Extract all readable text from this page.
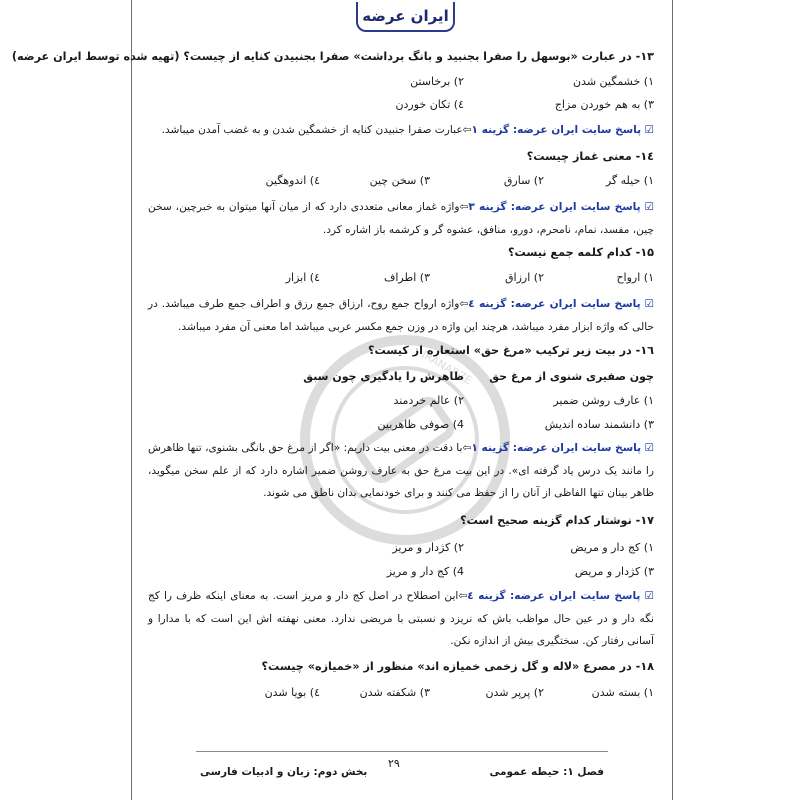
ایران عرضه
IRANARZE
۱۳- در عبارت «بوسهل را صفرا بجنبید و بانگ برداشت» صفرا بجنبیدن کنایه از چیست؟ (تهیه شده توسط ایران عرضه)
۱) خشمگین شدن
۲) برخاستن
۳) به هم خوردن مزاج
٤) تکان خوردن
☑ پاسخ سایت ایران عرضه: گزینه ۱⇦عبارت صفرا جنبیدن کنایه از خشمگین شدن و به غضب آمدن میباشد.
۱٤- معنی غماز چیست؟
۱) حیله گر
۲) سارق
۳) سخن چین
٤) اندوهگین
☑ پاسخ سایت ایران عرضه: گزینه ۳⇦واژه غماز معانی متعددی دارد که از میان آنها میتوان به خبرچین، سخن چین، مفسد، نمام، نامحرم، دورو، منافق، عشوه گر و کرشمه باز اشاره کرد.
۱۵- کدام کلمه جمع نیست؟
۱) ارواح
۲) ارزاق
۳) اطراف
٤) ابزار
☑ پاسخ سایت ایران عرضه: گزینه ٤⇦واژه ارواح جمع روح، ارزاق جمع رزق و اطراف جمع طرف میباشد. در حالی که واژه ابزار مفرد میباشد، هرچند این واژه در وزن جمع مکسر عربی میباشد اما معنی آن مفرد میباشد.
۱٦- در بیت زیر ترکیب «مرغ حق» استعاره از کیست؟
چون صفیری شنوی از مرغ حق
ظاهرش را یادگیری چون سبق
۱) عارف روشن ضمیر
۲) عالم خردمند
۳) دانشمند ساده اندیش
4) صوفی ظاهربین
☑ پاسخ سایت ایران عرضه: گزینه ۱⇦با دقت در معنی بیت داریم: «اگر از مرغ حق بانگی بشنوی، تنها ظاهرش را مانند یک درس یاد گرفته ای». در این بیت مرغ حق به عارف روشن ضمیر اشاره دارد که از علم سخن میگوید، ظاهر بینان تنها الفاظی از آنان را از حفظ می کنند و برای خودنمایی بدان ناطق می شوند.
۱۷- نوشتار کدام گزینه صحیح است؟
۱) کج دار و مریض
۲) کژدار و مریز
۳) کژدار و مریض
4) کج دار و مریز
☑ پاسخ سایت ایران عرضه: گزینه ٤⇦این اصطلاح در اصل کج دار و مریز است. به معنای اینکه ظرف را کج نگه دار و در عین حال مواظب باش که نریزد و نسبتی با مریضی ندارد. معنی نهفته اش این است که با مدارا و آسانی رفتار کن. سختگیری بیش از اندازه نکن.
۱۸- در مصرع «لاله و گل زخمی خمیازه اند» منظور از «خمیازه» چیست؟
۱) بسته شدن
۲) پرپر شدن
۳) شکفته شدن
٤) بویا شدن
۲۹
بخش دوم: زبان و ادبیات فارسی	فصل ۱: حیطه عمومی
